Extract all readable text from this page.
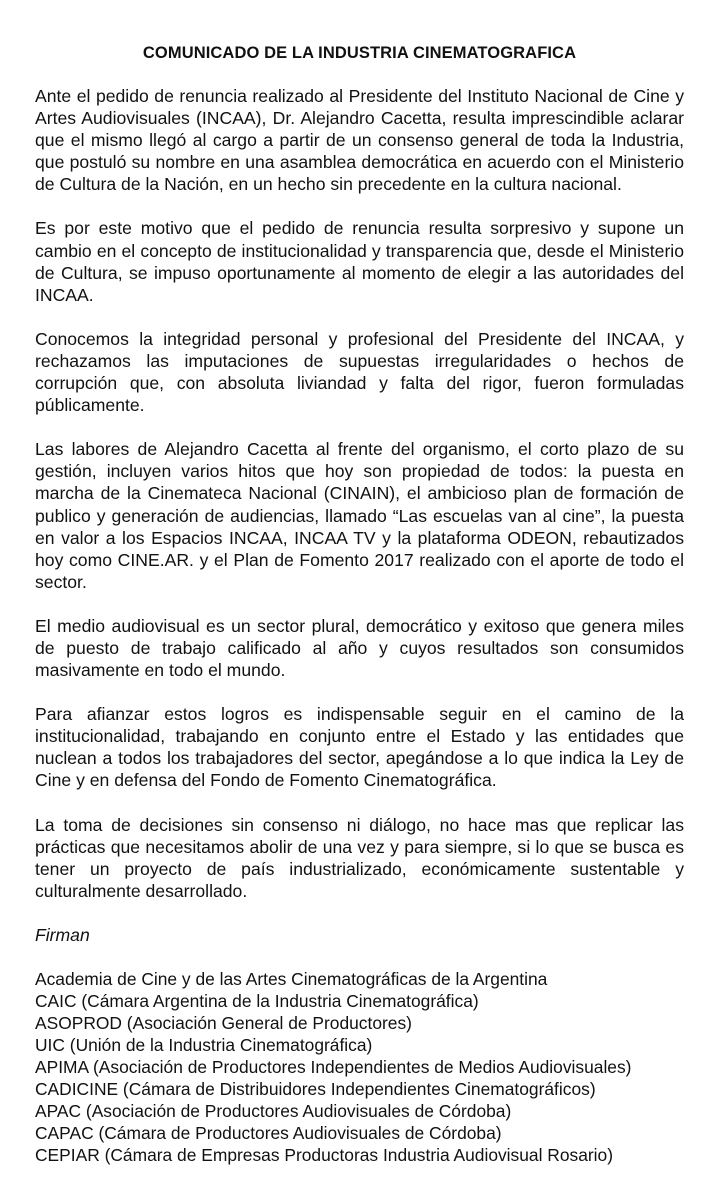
COMUNICADO DE LA INDUSTRIA CINEMATOGRAFICA

Ante el pedido de renuncia realizado al Presidente del Instituto Nacional de Cine y Artes Audiovisuales (INCAA), Dr. Alejandro Cacetta, resulta imprescindible aclarar que el mismo llegó al cargo a partir de un consenso general de toda la Industria, que postuló su nombre en una asamblea democrática en acuerdo con el Ministerio de Cultura de la Nación, en un hecho sin precedente en la cultura nacional.

Es por este motivo que el pedido de renuncia resulta sorpresivo y supone un cambio en el concepto de institucionalidad y transparencia que, desde el Ministerio de Cultura, se impuso oportunamente al momento de elegir a las autoridades del INCAA.

Conocemos la integridad personal y profesional del Presidente del INCAA, y rechazamos las imputaciones de supuestas irregularidades o hechos de corrupción que, con absoluta liviandad y falta del rigor, fueron formuladas públicamente.

Las labores de Alejandro Cacetta al frente del organismo, el corto plazo de su gestión, incluyen varios hitos que hoy son propiedad de todos: la puesta en marcha de la Cinemateca Nacional (CINAIN), el ambicioso plan de formación de publico y generación de audiencias, llamado “Las escuelas van al cine”, la puesta en valor a los Espacios INCAA, INCAA TV y la plataforma ODEON, rebautizados hoy como CINE.AR. y el Plan de Fomento 2017 realizado con el aporte de todo el sector.

El medio audiovisual es un sector plural, democrático y exitoso que genera miles de puesto de trabajo calificado al año y cuyos resultados son consumidos masivamente en todo el mundo.

Para afianzar estos logros es indispensable seguir en el camino de la institucionalidad, trabajando en conjunto entre el Estado y las entidades que nuclean a todos los trabajadores del sector, apegándose a lo que indica la Ley de Cine y en defensa del Fondo de Fomento Cinematográfica.

La toma de decisiones sin consenso ni diálogo, no hace mas que replicar las prácticas que necesitamos abolir de una vez y para siempre, si lo que se busca es tener un proyecto de país industrializado, económicamente sustentable y culturalmente desarrollado.

Firman
Academia de Cine y de las Artes Cinematográficas de la Argentina
CAIC (Cámara Argentina de la Industria Cinematográfica)
ASOPROD (Asociación General de Productores)
UIC (Unión de la Industria Cinematográfica)
APIMA (Asociación de Productores Independientes de Medios Audiovisuales)
CADICINE (Cámara de Distribuidores Independientes Cinematográficos)
APAC (Asociación de Productores Audiovisuales de Córdoba)
CAPAC (Cámara de Productores Audiovisuales de Córdoba)
CEPIAR (Cámara de Empresas Productoras Industria Audiovisual Rosario)
